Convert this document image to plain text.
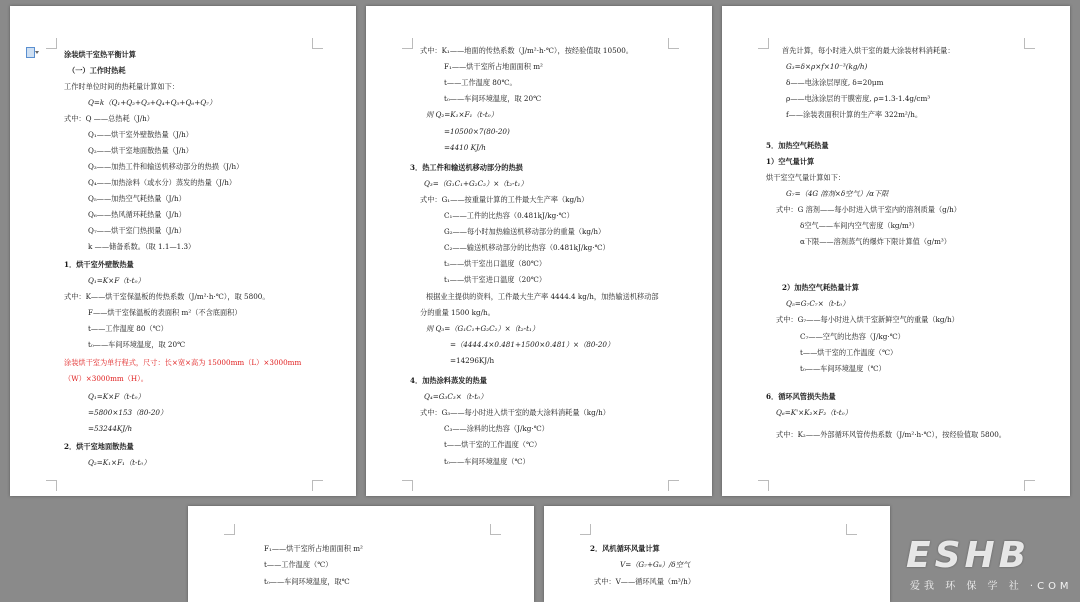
涂装烘干室热平衡计算
（一）工作时热耗
工作时单位时间的热耗量计算如下：
Q=k（Q₁+Q₂+Q₃+Q₄+Q₅+Q₆+Q₇）
式中：Q ——总热耗（J/h）
Q₁——烘干室外壁散热量（J/h）
Q₂——烘干室地面散热量（J/h）
Q₃——加热工件和输送机移动部分的热损（J/h）
Q₄——加热涂料（或水分）蒸发的热量（J/h）
Q₅——加热空气耗热量（J/h）
Q₆——热风循环耗热量（J/h）
Q₇——烘干室门热损量（J/h）
k ——储备系数。（取 1.1—1.3）
1．烘干室外壁散热量
Q₁=K×F（t-t₀）
式中：K——烘干室保温板的传热系数（J/m²·h·℃），取 5800。
F——烘干室保温板的表面积 m²（不含底面积）
t——工作温度 80（℃）
t₀——车间环境温度，取 20℃
涂装烘干室为单行程式，尺寸：长×宽×高为 15000mm（L）×3000mm
（W）×3000mm（H）。
Q₁=K×F（t-t₀）
=5800×153（80-20）
=53244KJ/h
2．烘干室地面散热量
Q₂=K₁×F₁（t-t₀）
式中：K₁——地面的传热系数（J/m²·h·℃），按经验值取 10500。
F₁——烘干室所占地面面积 m²
t——工作温度 80℃。
t₀——车间环境温度，取 20℃
则 Q₂=K₁×F₁（t-t₀）
=10500×7(80-20)
=4410 KJ/h
3．热工件和输送机移动部分的热损
Q₃=（G₁C₁+G₂C₂）×（t₂-t₁）
式中：G₁——按重量计算的工件最大生产率（kg/h）
C₁——工件的比热容（0.481kJ/kg·℃）
G₂——每小时加热输送机移动部分的重量（kg/h）
C₂——输送机移动部分的比热容（0.481kJ/kg·℃）
t₂——烘干室出口温度（80℃）
t₁——烘干室进口温度（20℃）
根据业主提供的资料，工件最大生产率 4444.4 kg/h，加热输送机移动部
分的重量 1500 kg/h。
则 Q₃=（G₁C₁+G₂C₂）×（t₂-t₁）
=（4444.4×0.481+1500×0.481）×（80-20）
=14296KJ/h
4．加热涂料蒸发的热量
Q₄=G₃C₃×（t-t₀）
式中：G₃——每小时进入烘干室的最大涂料消耗量（kg/h）
C₃——涂料的比热容（J/kg·℃）
t——烘干室的工作温度（℃）
t₀——车间环境温度（℃）
首先计算，每小时进入烘干室的最大涂装材料消耗量：
G₃=δ×ρ×f×10⁻³(kg/h)
δ——电泳涂层厚度, δ=20μm
ρ——电泳涂层的干膜密度, ρ=1.3-1.4g/cm³
f——涂装表面积计算的生产率 322m²/h。
5．加热空气耗热量
1）空气量计算
烘干室空气量计算如下：
G₇=（4G 溶剂×δ空气）/α下限
式中：G 溶剂——每小时进入烘干室内的溶剂质量（g/h）
δ空气——车间内空气密度（kg/m³）
α下限——溶剂蒸气的爆炸下限计算值（g/m³）
2）加热空气耗热量计算
Q₅=G₇C₇×（t-t₀）
式中：G₇——每小时进入烘干室新鲜空气的重量（kg/h）
C₇——空气的比热容（J/kg·℃）
t——烘干室的工作温度（℃）
t₀——车间环境温度（℃）
6．循环风管损失热量
Q₆=K'×K₂×F₂（t-t₀）
式中：K₂——外部循环风管传热系数（J/m²·h·℃），按经验值取 5800。
F₁——烘干室所占地面面积 m²
t——工作温度（℃）
t₀——车间环境温度，取℃
2．风机循环风量计算
V=（G₇+G₈）/δ空气
式中：V——循环风量（m³/h）
ESHB
爱我 环 保 学 社 ·COM
